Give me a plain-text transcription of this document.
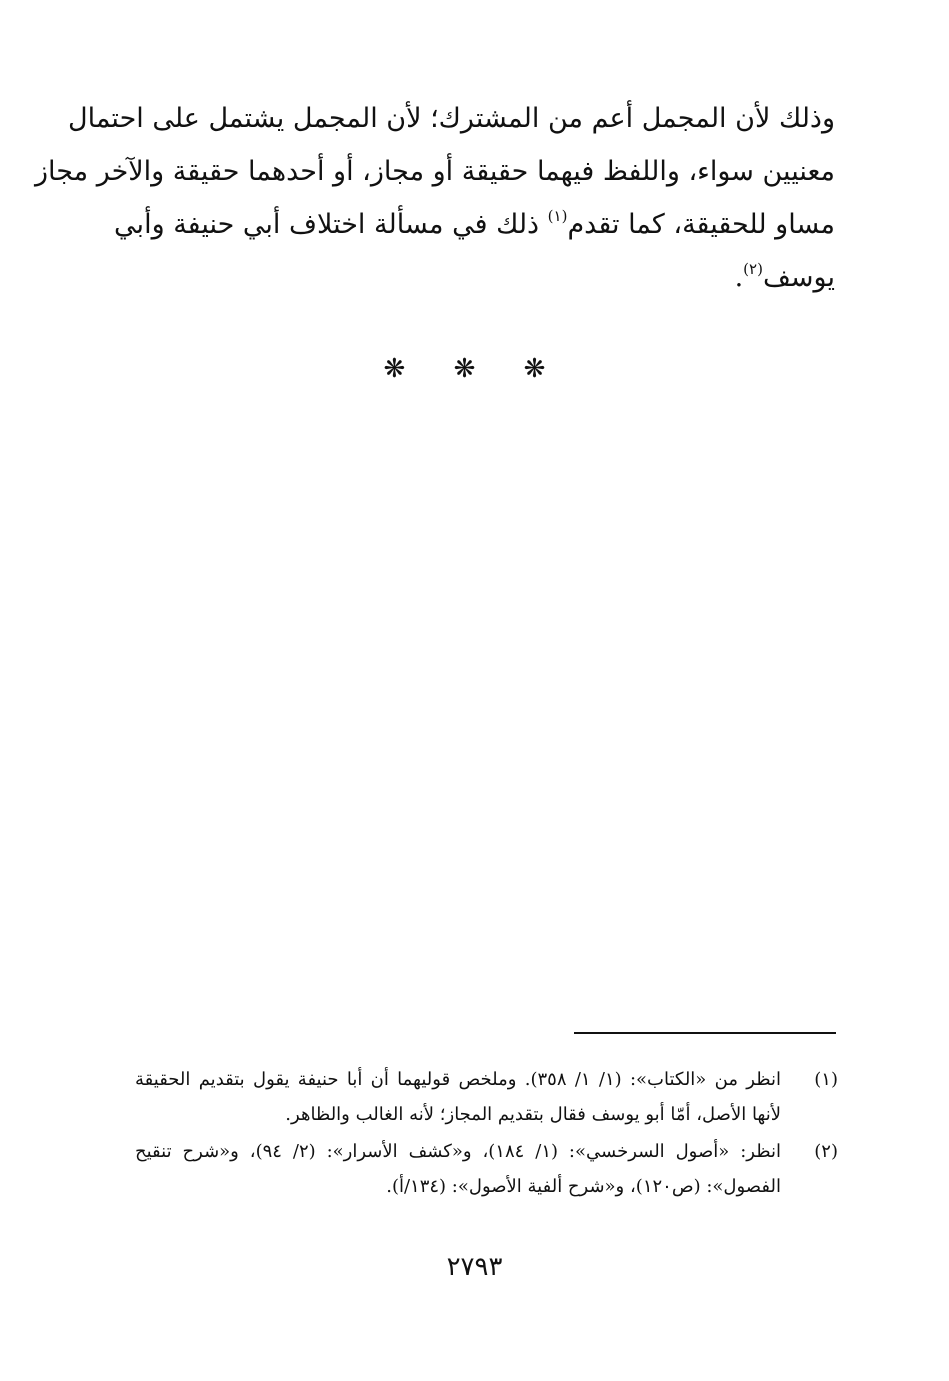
وذلك لأن المجمل أعم من المشترك؛ لأن المجمل يشتمل على احتمال
معنيين سواء، واللفظ فيهما حقيقة أو مجاز، أو أحدهما حقيقة والآخر مجاز
مساو للحقيقة، كما تقدم$^{(١)}$ ذلك في مسألة اختلاف أبي حنيفة وأبي
يوسف$^{(٢)}$.
❋ ❋ ❋
(١)
انظر من «الكتاب»: (١/ ١/ ٣٥٨). وملخص قوليهما أن أبا حنيفة يقول بتقديم الحقيقة
لأنها الأصل، أمّا أبو يوسف فقال بتقديم المجاز؛ لأنه الغالب والظاهر.
(٢)
انظر: «أصول السرخسي»: (١/ ١٨٤)، و«كشف الأسرار»: (٢/ ٩٤)، و«شرح تنقيح
الفصول»: (ص١٢٠)، و«شرح ألفية الأصول»: (١٣٤/أ).
٢٧٩٣
